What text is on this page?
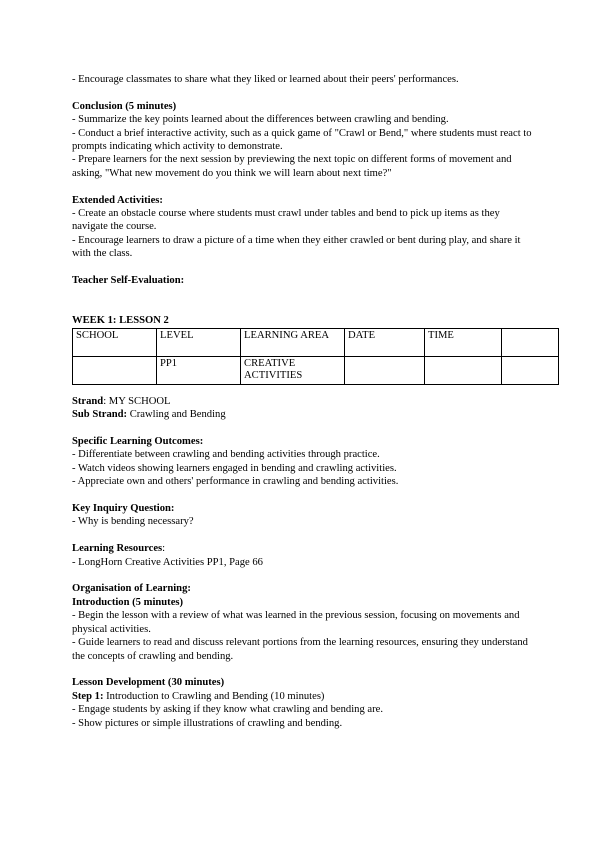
- Encourage classmates to share what they liked or learned about their peers' performances.

Conclusion (5 minutes)

- Summarize the key points learned about the differences between crawling and bending.

- Conduct a brief interactive activity, such as a quick game of "Crawl or Bend," where students must react to prompts indicating which activity to demonstrate.

- Prepare learners for the next session by previewing the next topic on different forms of movement and asking, "What new movement do you think we will learn about next time?"

Extended Activities:

- Create an obstacle course where students must crawl under tables and bend to pick up items as they navigate the course.

- Encourage learners to draw a picture of a time when they either crawled or bent during play, and share it with the class.

Teacher Self-Evaluation:

WEEK 1: LESSON 2

SCHOOL	LEVEL	LEARNING AREA	DATE	TIME	
	PP1	CREATIVE ACTIVITIES			

Strand: MY SCHOOL

Sub Strand: Crawling and Bending

Specific Learning Outcomes:

- Differentiate between crawling and bending activities through practice.

- Watch videos showing learners engaged in bending and crawling activities.

- Appreciate own and others' performance in crawling and bending activities.

Key Inquiry Question:

- Why is bending necessary?

Learning Resources:

- LongHorn Creative Activities PP1, Page 66

Organisation of Learning:

Introduction (5 minutes)

- Begin the lesson with a review of what was learned in the previous session, focusing on movements and physical activities.

- Guide learners to read and discuss relevant portions from the learning resources, ensuring they understand the concepts of crawling and bending.

Lesson Development (30 minutes)

Step 1: Introduction to Crawling and Bending (10 minutes)

- Engage students by asking if they know what crawling and bending are.

- Show pictures or simple illustrations of crawling and bending.
